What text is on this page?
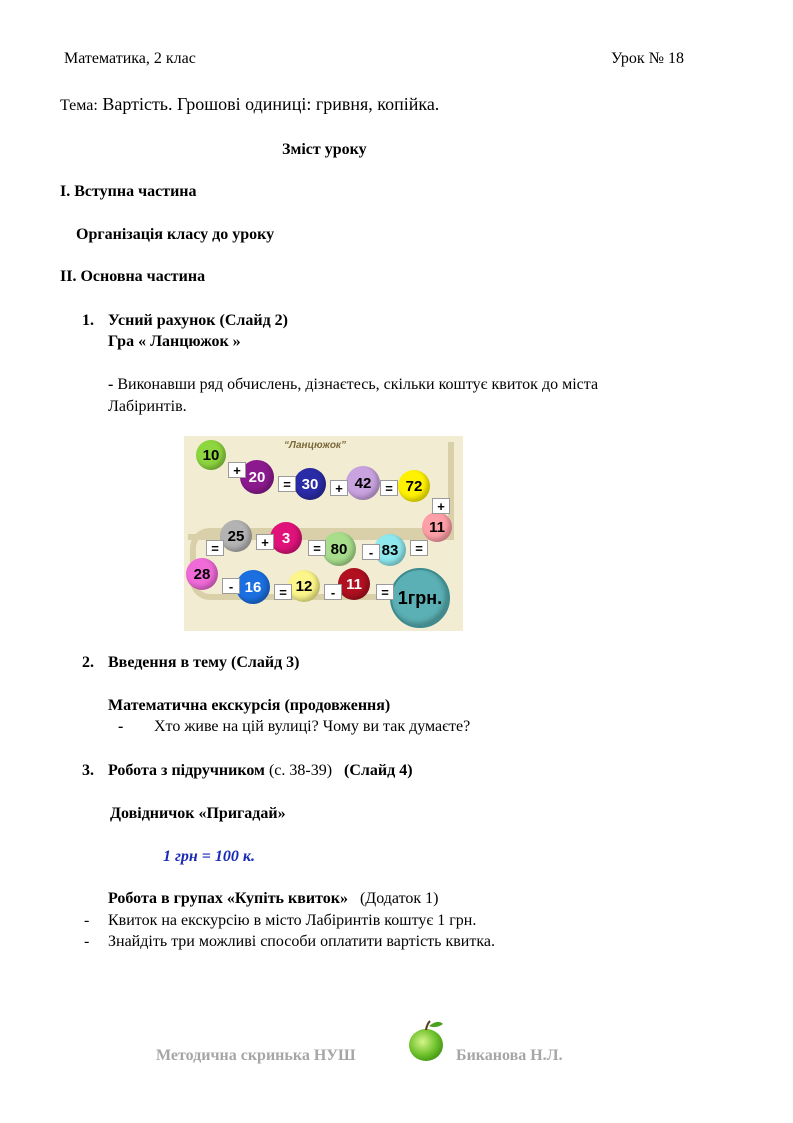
Математика, 2 клас	Урок № 18
Тема: Вартість. Грошові одиниці: гривня, копійка.
Зміст уроку
І. Вступна частина
Організація класу до уроку
ІІ. Основна частина
1. Усний рахунок (Слайд 2)
Гра « Ланцюжок »
- Виконавши ряд обчислень, дізнаєтесь, скільки коштує квиток до міста
Лабіринтів.
“Ланцюжок”
10
20	30	42	72
11
83
80
3
25
28
16	12	11
1грн.
+
=	+	=
+
=
-
=
+
=
-	=	-	=
2. Введення в тему (Слайд 3)
Математична екскурсія (продовження)
- Хто живе на цій вулиці? Чому ви так думаєте?
3. Робота з підручником (с. 38-39) (Слайд 4)
Довідничок «Пригадай»
1 грн = 100 к.
Робота в групах «Купіть квиток» (Додаток 1)
- Квиток на екскурсію в місто Лабіринтів коштує 1 грн.
- Знайдіть три можливі способи оплатити вартість квитка.
Методична скринька НУШ	Биканова Н.Л.
